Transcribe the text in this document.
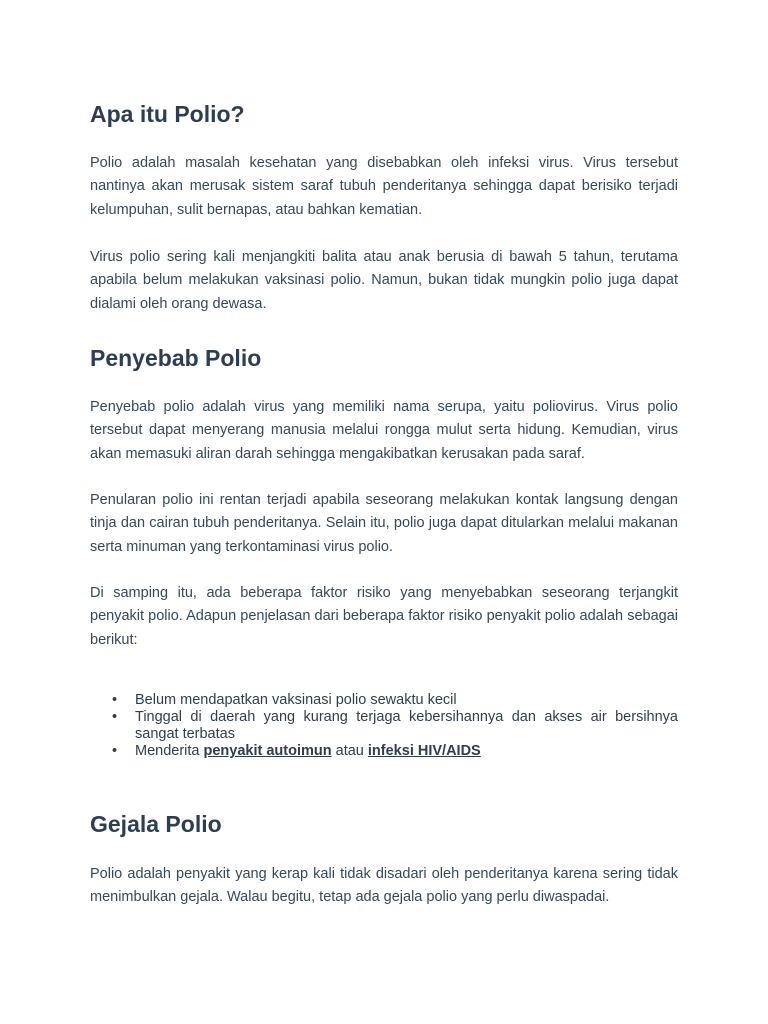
Apa itu Polio?

Polio adalah masalah kesehatan yang disebabkan oleh infeksi virus. Virus tersebut nantinya akan merusak sistem saraf tubuh penderitanya sehingga dapat berisiko terjadi kelumpuhan, sulit bernapas, atau bahkan kematian.

Virus polio sering kali menjangkiti balita atau anak berusia di bawah 5 tahun, terutama apabila belum melakukan vaksinasi polio. Namun, bukan tidak mungkin polio juga dapat dialami oleh orang dewasa.

Penyebab Polio

Penyebab polio adalah virus yang memiliki nama serupa, yaitu poliovirus. Virus polio tersebut dapat menyerang manusia melalui rongga mulut serta hidung. Kemudian, virus akan memasuki aliran darah sehingga mengakibatkan kerusakan pada saraf.

Penularan polio ini rentan terjadi apabila seseorang melakukan kontak langsung dengan tinja dan cairan tubuh penderitanya. Selain itu, polio juga dapat ditularkan melalui makanan serta minuman yang terkontaminasi virus polio.

Di samping itu, ada beberapa faktor risiko yang menyebabkan seseorang terjangkit penyakit polio. Adapun penjelasan dari beberapa faktor risiko penyakit polio adalah sebagai berikut:

• Belum mendapatkan vaksinasi polio sewaktu kecil
• Tinggal di daerah yang kurang terjaga kebersihannya dan akses air bersihnya sangat terbatas
• Menderita penyakit autoimun atau infeksi HIV/AIDS
Gejala Polio

Polio adalah penyakit yang kerap kali tidak disadari oleh penderitanya karena sering tidak menimbulkan gejala. Walau begitu, tetap ada gejala polio yang perlu diwaspadai.
